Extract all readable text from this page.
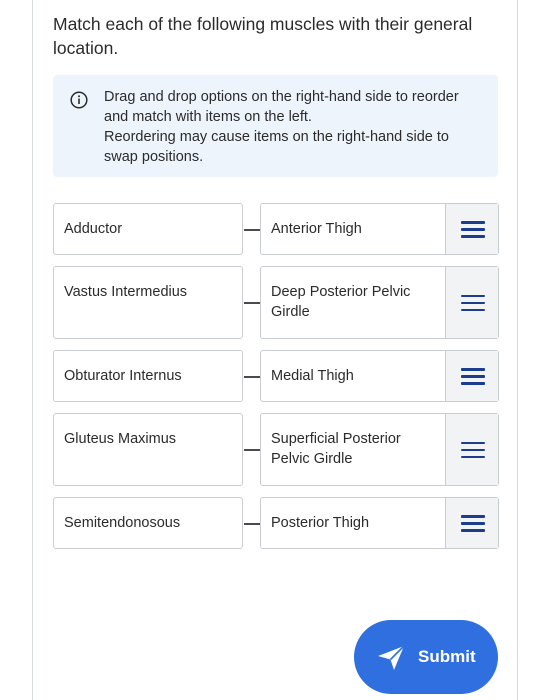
Match each of the following muscles with their general location.

Drag and drop options on the right-hand side to reorder and match with items on the left.

Reordering may cause items on the right-hand side to swap positions.

Adductor	Anterior Thigh
Vastus Intermedius	Deep Posterior Pelvic Girdle
Obturator Internus	Medial Thigh
Gluteus Maximus	Superficial Posterior Pelvic Girdle
Semitendonosous	Posterior Thigh
Submit
